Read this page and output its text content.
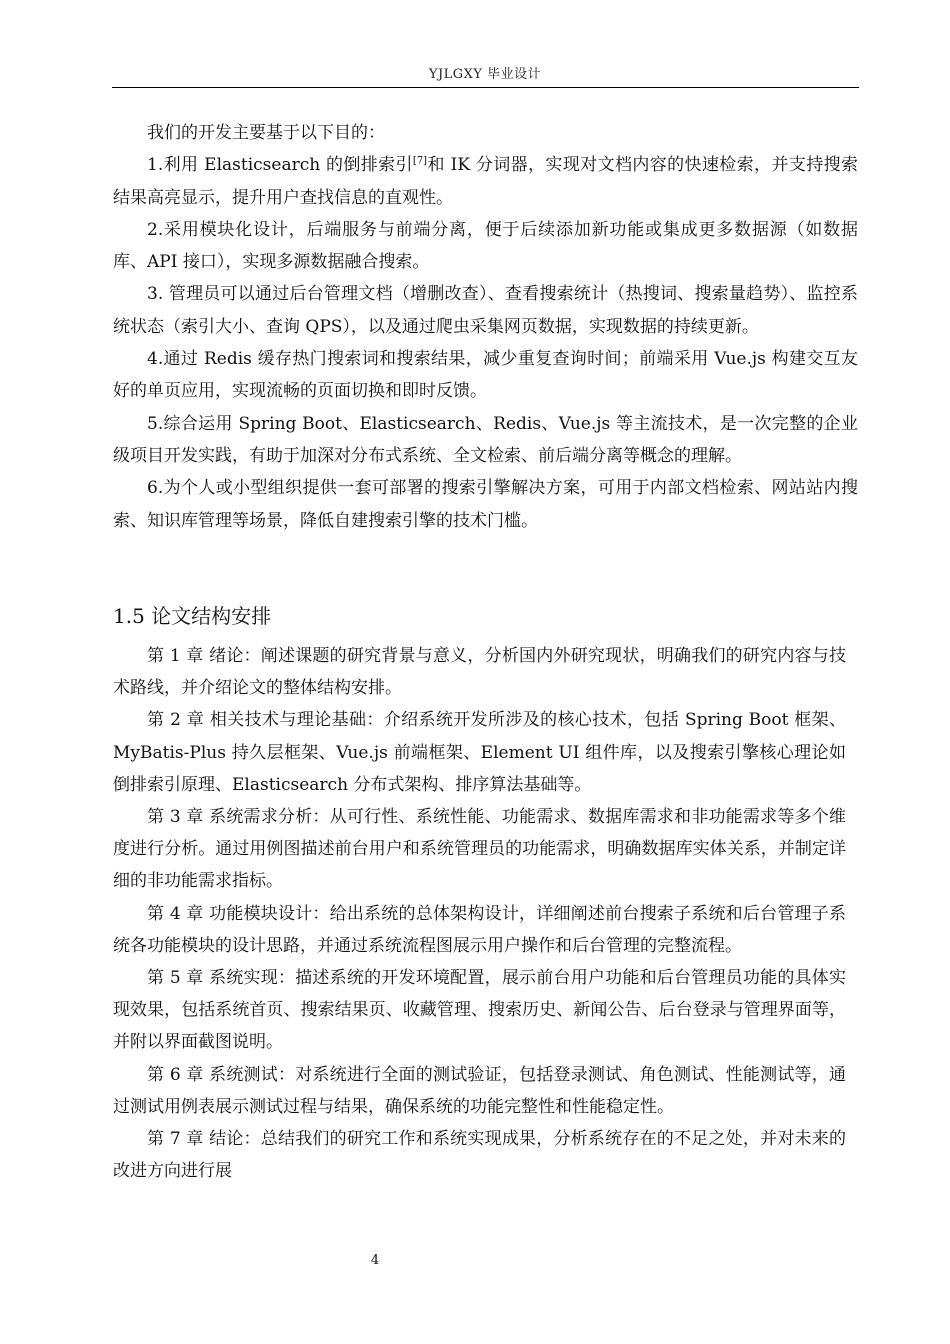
YJLGXY 毕业设计

我们的开发主要基于以下目的：

1.利用 Elasticsearch 的倒排索引[7]和 IK 分词器，实现对文档内容的快速检索，并支持搜索结果高亮显示，提升用户查找信息的直观性。

2.采用模块化设计，后端服务与前端分离，便于后续添加新功能或集成更多数据源（如数据库、API 接口），实现多源数据融合搜索。

3. 管理员可以通过后台管理文档（增删改查）、查看搜索统计（热搜词、搜索量趋势）、监控系统状态（索引大小、查询 QPS），以及通过爬虫采集网页数据，实现数据的持续更新。

4.通过 Redis 缓存热门搜索词和搜索结果，减少重复查询时间；前端采用 Vue.js 构建交互友好的单页应用，实现流畅的页面切换和即时反馈。

5.综合运用 Spring Boot、Elasticsearch、Redis、Vue.js 等主流技术，是一次完整的企业级项目开发实践，有助于加深对分布式系统、全文检索、前后端分离等概念的理解。

6.为个人或小型组织提供一套可部署的搜索引擎解决方案，可用于内部文档检索、网站站内搜索、知识库管理等场景，降低自建搜索引擎的技术门槛。

1.5 论文结构安排

第 1 章 绪论：阐述课题的研究背景与意义，分析国内外研究现状，明确我们的研究内容与技术路线，并介绍论文的整体结构安排。

第 2 章 相关技术与理论基础：介绍系统开发所涉及的核心技术，包括 Spring Boot 框架、MyBatis-Plus 持久层框架、Vue.js 前端框架、Element UI 组件库，以及搜索引擎核心理论如倒排索引原理、Elasticsearch 分布式架构、排序算法基础等。

第 3 章 系统需求分析：从可行性、系统性能、功能需求、数据库需求和非功能需求等多个维度进行分析。通过用例图描述前台用户和系统管理员的功能需求，明确数据库实体关系，并制定详细的非功能需求指标。

第 4 章 功能模块设计：给出系统的总体架构设计，详细阐述前台搜索子系统和后台管理子系统各功能模块的设计思路，并通过系统流程图展示用户操作和后台管理的完整流程。

第 5 章 系统实现：描述系统的开发环境配置，展示前台用户功能和后台管理员功能的具体实现效果，包括系统首页、搜索结果页、收藏管理、搜索历史、新闻公告、后台登录与管理界面等，并附以界面截图说明。

第 6 章 系统测试：对系统进行全面的测试验证，包括登录测试、角色测试、性能测试等，通过测试用例表展示测试过程与结果，确保系统的功能完整性和性能稳定性。

第 7 章 结论：总结我们的研究工作和系统实现成果，分析系统存在的不足之处，并对未来的改进方向进行展

4
